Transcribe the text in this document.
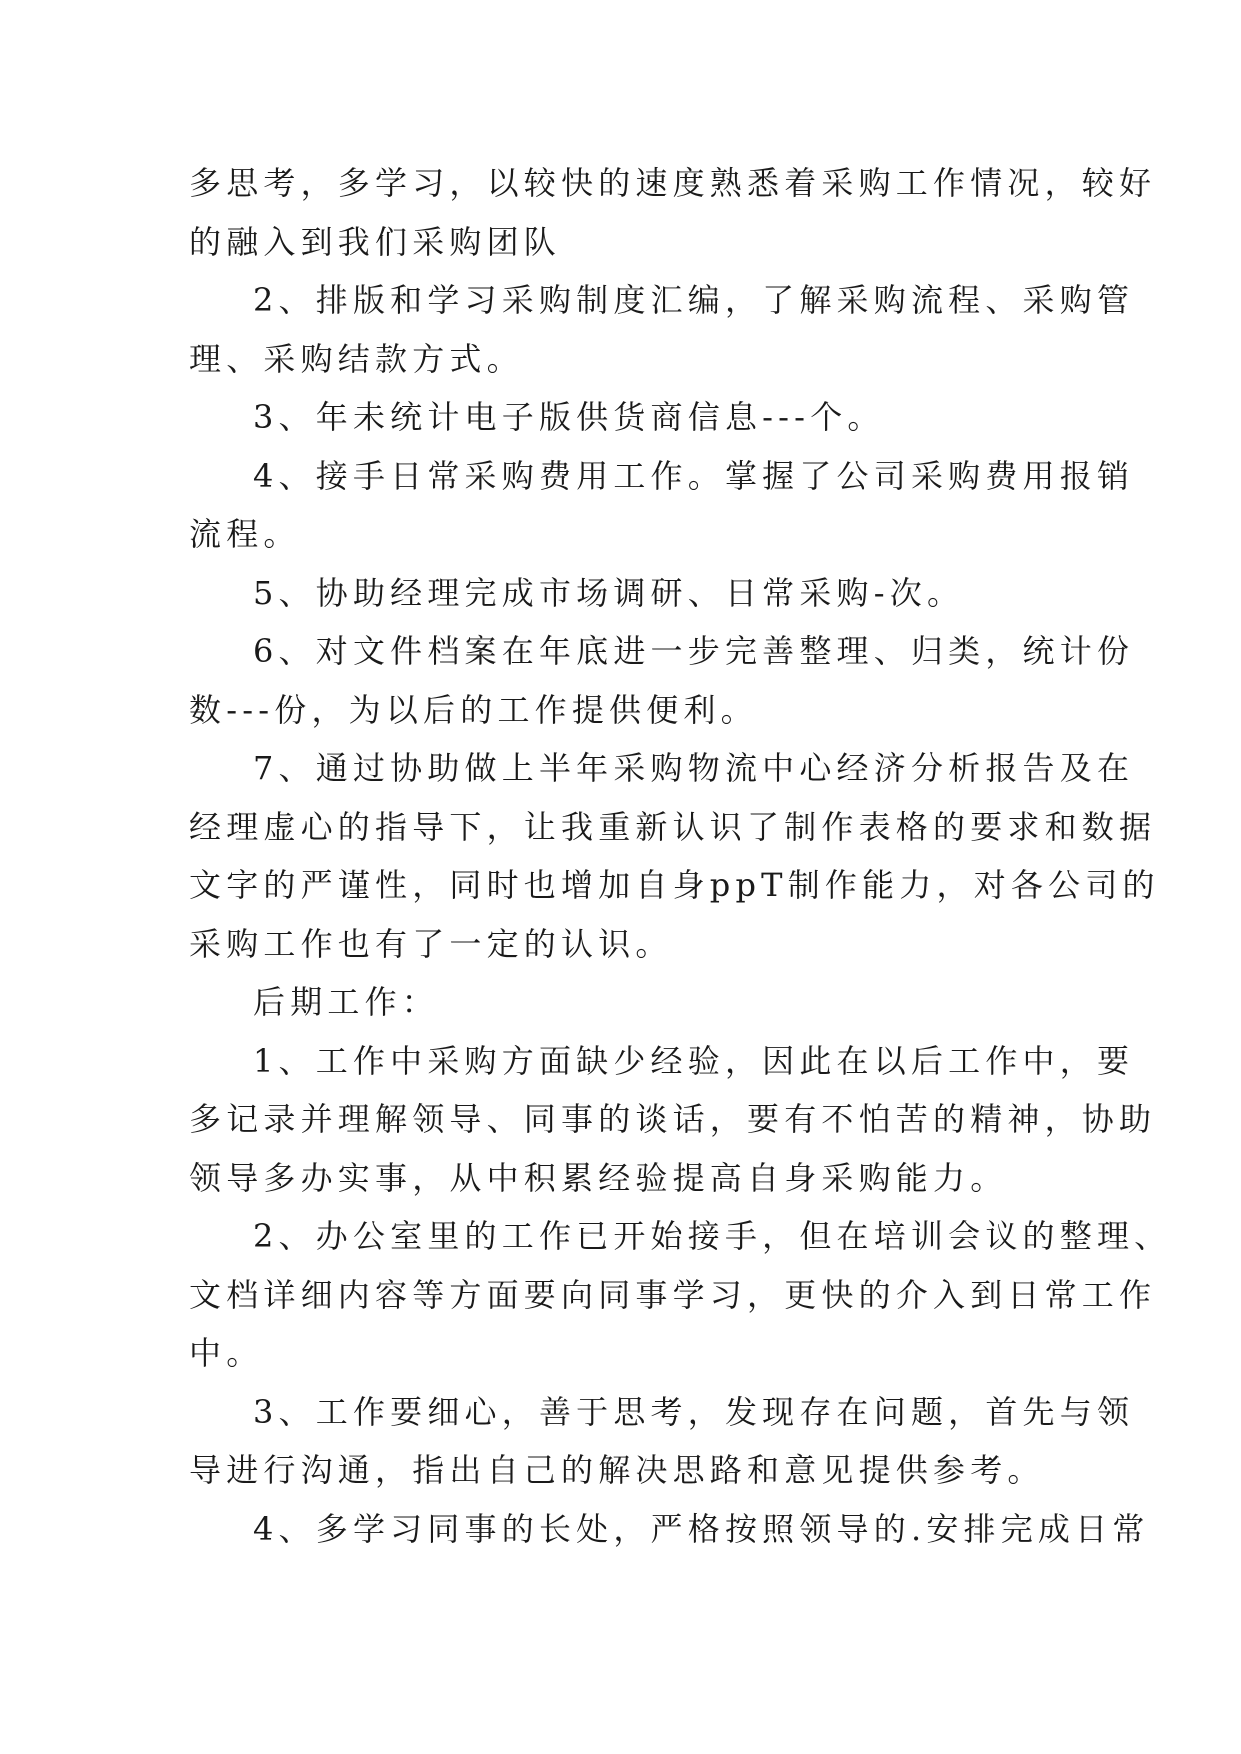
多思考，多学习，以较快的速度熟悉着采购工作情况，较好
的融入到我们采购团队
2、排版和学习采购制度汇编，了解采购流程、采购管
理、采购结款方式。
3、年未统计电子版供货商信息---个。
4、接手日常采购费用工作。掌握了公司采购费用报销
流程。
5、协助经理完成市场调研、日常采购-次。
6、对文件档案在年底进一步完善整理、归类，统计份
数---份，为以后的工作提供便利。
7、通过协助做上半年采购物流中心经济分析报告及在
经理虚心的指导下，让我重新认识了制作表格的要求和数据
文字的严谨性，同时也增加自身ppT制作能力，对各公司的
采购工作也有了一定的认识。
后期工作：
1、工作中采购方面缺少经验，因此在以后工作中，要
多记录并理解领导、同事的谈话，要有不怕苦的精神，协助
领导多办实事，从中积累经验提高自身采购能力。
2、办公室里的工作已开始接手，但在培训会议的整理、
文档详细内容等方面要向同事学习，更快的介入到日常工作
中。
3、工作要细心，善于思考，发现存在问题，首先与领
导进行沟通，指出自己的解决思路和意见提供参考。
4、多学习同事的长处，严格按照领导的.安排完成日常
